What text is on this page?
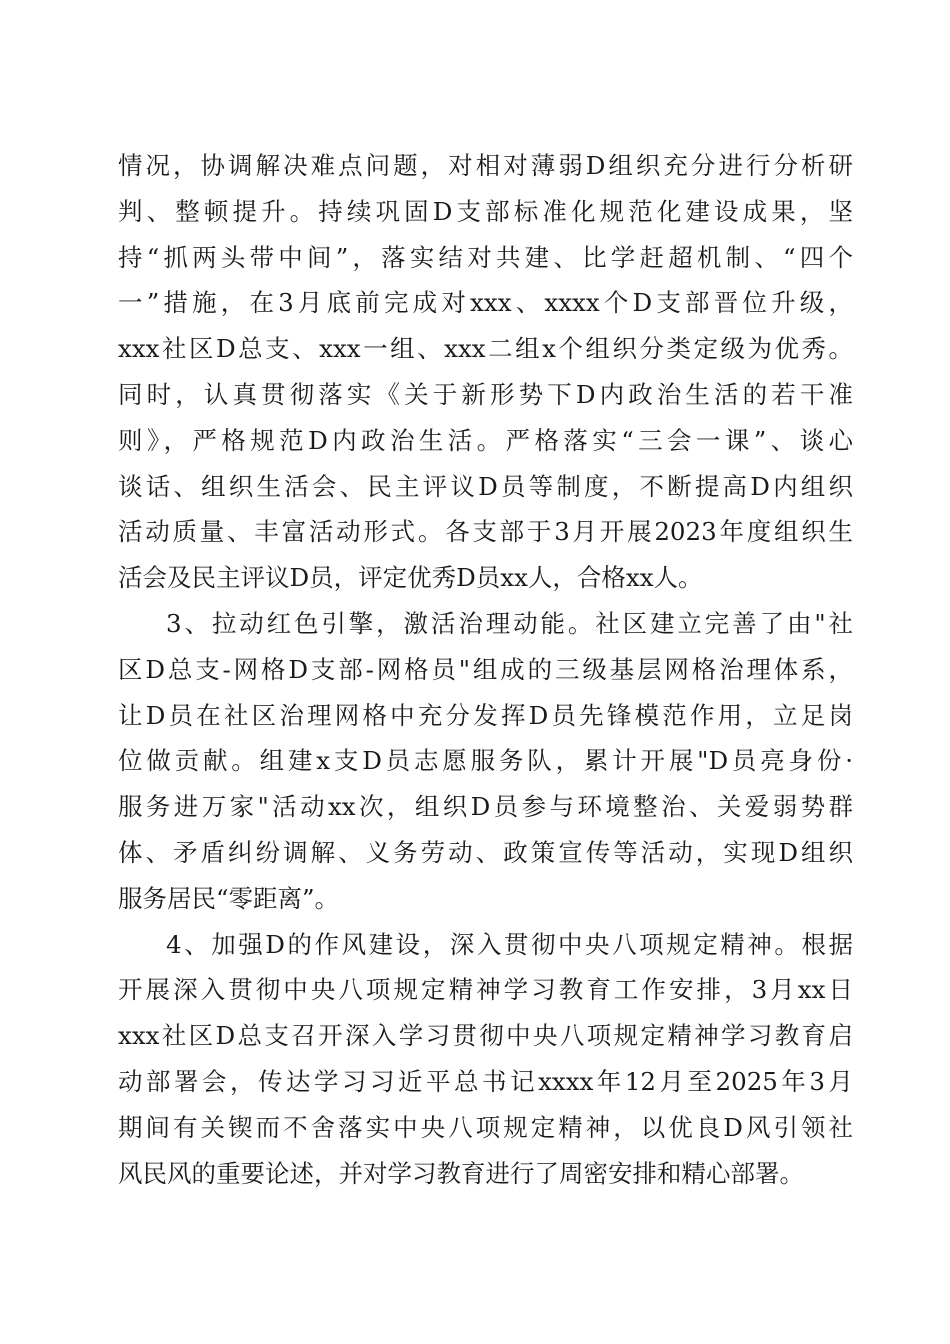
情况，协调解决难点问题，对相对薄弱D组织充分进行分析研
判、整顿提升。持续巩固D支部标准化规范化建设成果，坚
持“抓两头带中间”，落实结对共建、比学赶超机制、“四个
一”措施，在3月底前完成对xxx、xxxx个D支部晋位升级，
xxx社区D总支、xxx一组、xxx二组x个组织分类定级为优秀。
同时，认真贯彻落实《关于新形势下D内政治生活的若干准
则》，严格规范D内政治生活。严格落实“三会一课”、谈心
谈话、组织生活会、民主评议D员等制度，不断提高D内组织
活动质量、丰富活动形式。各支部于3月开展2023年度组织生
活会及民主评议D员，评定优秀D员xx人，合格xx人。
3、拉动红色引擎，激活治理动能。社区建立完善了由"社
区D总支-网格D支部-网格员"组成的三级基层网格治理体系，
让D员在社区治理网格中充分发挥D员先锋模范作用，立足岗
位做贡献。组建x支D员志愿服务队，累计开展"D员亮身份·
服务进万家"活动xx次，组织D员参与环境整治、关爱弱势群
体、矛盾纠纷调解、义务劳动、政策宣传等活动，实现D组织
服务居民“零距离”。
4、加强D的作风建设，深入贯彻中央八项规定精神。根据
开展深入贯彻中央八项规定精神学习教育工作安排，3月xx日
xxx社区D总支召开深入学习贯彻中央八项规定精神学习教育启
动部署会，传达学习习近平总书记xxxx年12月至2025年3月
期间有关锲而不舍落实中央八项规定精神，以优良D风引领社
风民风的重要论述，并对学习教育进行了周密安排和精心部署。
